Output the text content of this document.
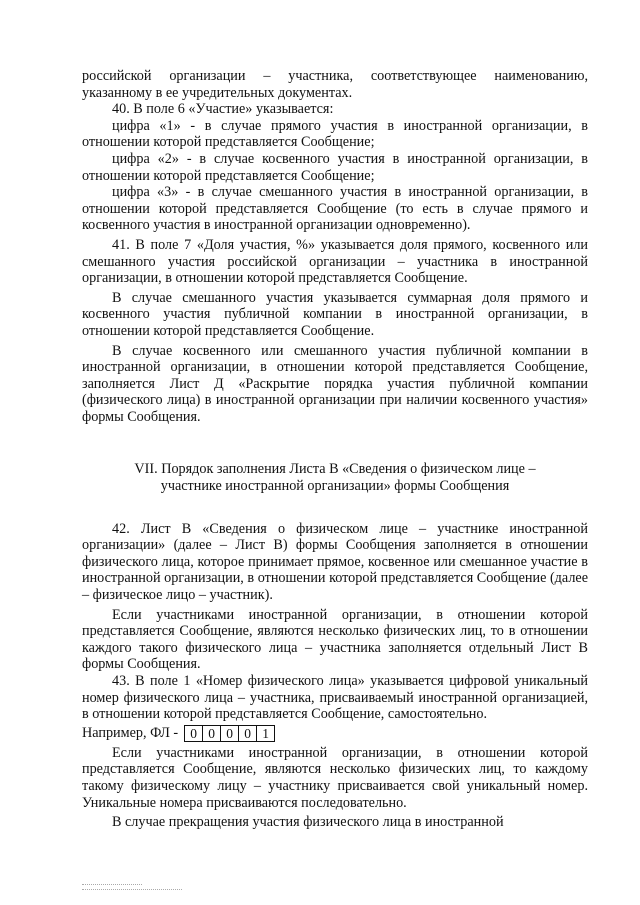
российской организации – участника, соответствующее наименованию, указанному в ее учредительных документах.

40. В поле 6 «Участие» указывается:

цифра «1» - в случае прямого участия в иностранной организации, в отношении которой представляется Сообщение;

цифра «2» - в случае косвенного участия в иностранной организации, в отношении которой представляется Сообщение;

цифра «3» - в случае смешанного участия в иностранной организации, в отношении которой представляется Сообщение (то есть в случае прямого и косвенного участия в иностранной организации одновременно).

41. В поле 7 «Доля участия, %» указывается доля прямого, косвенного или смешанного участия российской организации – участника в иностранной организации, в отношении которой представляется Сообщение.

В случае смешанного участия указывается суммарная доля прямого и косвенного участия публичной компании в иностранной организации, в отношении которой представляется Сообщение.

В случае косвенного или смешанного участия публичной компании в иностранной организации, в отношении которой представляется Сообщение, заполняется Лист Д «Раскрытие порядка участия публичной компании (физического лица) в иностранной организации при наличии косвенного участия» формы Сообщения.

VII. Порядок заполнения Листа В «Сведения о физическом лице – участнике иностранной организации» формы Сообщения

42. Лист В «Сведения о физическом лице – участнике иностранной организации» (далее – Лист В) формы Сообщения заполняется в отношении физического лица, которое принимает прямое, косвенное или смешанное участие в иностранной организации, в отношении которой представляется Сообщение (далее – физическое лицо – участник).

Если участниками иностранной организации, в отношении которой представляется Сообщение, являются несколько физических лиц, то в отношении каждого такого физического лица – участника заполняется отдельный Лист В формы Сообщения.

43. В поле 1 «Номер физического лица» указывается цифровой уникальный номер физического лица – участника, присваиваемый иностранной организацией, в отношении которой представляется Сообщение, самостоятельно.

Например, ФЛ - 0 0 0 0 1

Если участниками иностранной организации, в отношении которой представляется Сообщение, являются несколько физических лиц, то каждому такому физическому лицу – участнику присваивается свой уникальный номер. Уникальные номера присваиваются последовательно.

В случае прекращения участия физического лица в иностранной
